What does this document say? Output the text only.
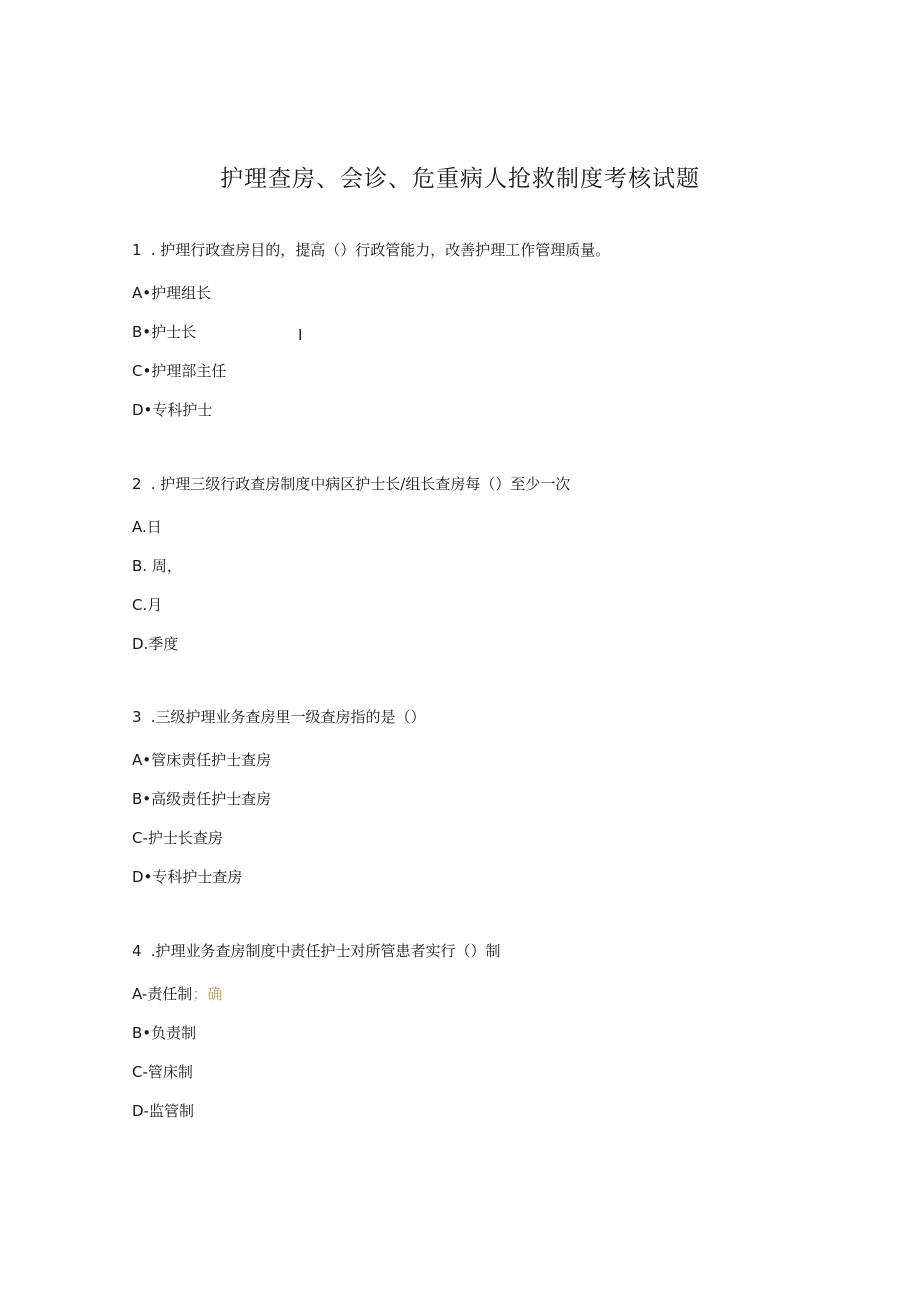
护理查房、会诊、危重病人抢救制度考核试题
I
1 . 护理行政查房目的，提高（）行政管能力，改善护理工作管理质量。
A•护理组长
B•护士长
C•护理部主任
D•专科护士
2 . 护理三级行政查房制度中病区护士长/组长查房每（）至少一次
A.日
B. 周，
C.月
D.季度
3 .三级护理业务查房里一级查房指的是（）
A•管床责任护士查房
B•高级责任护士查房
C-护士长查房
D•专科护士查房
4 .护理业务查房制度中责任护士对所管患者实行（）制
A-责任制；确
B•负责制
C-管床制
D-监管制
